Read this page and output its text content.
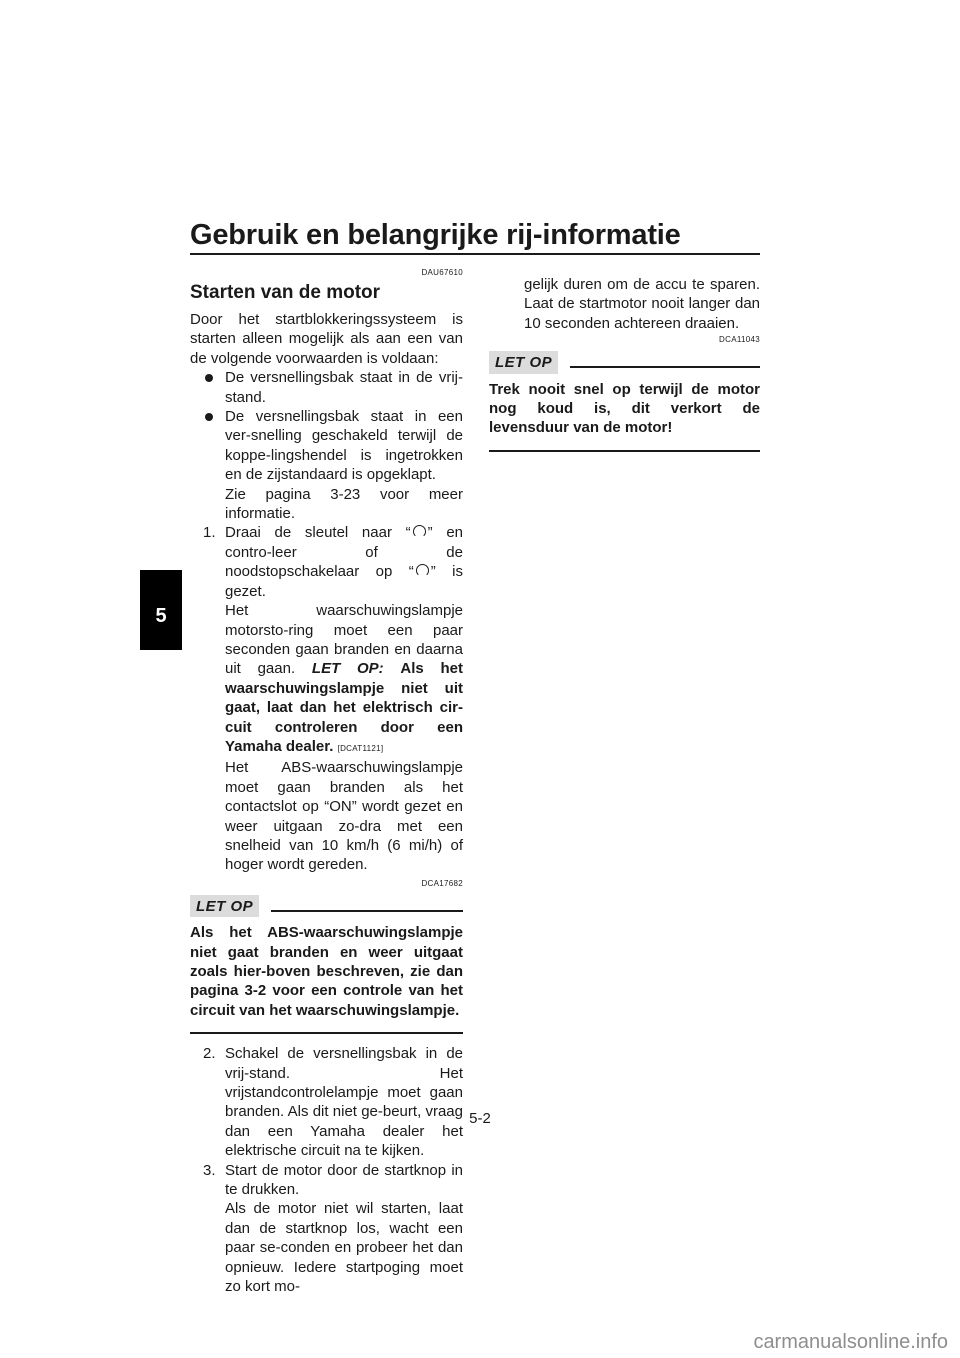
Gebruik en belangrijke rij-informatie
5
DAU67610
Starten van de motor
Door het startblokkeringssysteem is starten alleen mogelijk als aan een van de volgende voorwaarden is voldaan:
De versnellingsbak staat in de vrij-stand.
De versnellingsbak staat in een ver-snelling geschakeld terwijl de koppe-lingshendel is ingetrokken en de zijstandaard is opgeklapt.
Zie pagina 3-23 voor meer informatie.
1. Draai de sleutel naar “ ” en contro-leer of de noodstopschakelaar op “ ” is gezet.
Het waarschuwingslampje motorsto-ring moet een paar seconden gaan branden en daarna uit gaan. LET OP: Als het waarschuwingslampje niet uit gaat, laat dan het elektrisch cir-cuit controleren door een Yamaha dealer. [DCAT1121]
Het ABS-waarschuwingslampje moet gaan branden als het contactslot op “ON” wordt gezet en weer uitgaan zo-dra met een snelheid van 10 km/h (6 mi/h) of hoger wordt gereden.
DCA17682
LET OP
Als het ABS-waarschuwingslampje niet gaat branden en weer uitgaat zoals hier-boven beschreven, zie dan pagina 3-2 voor een controle van het circuit van het waarschuwingslampje.
2. Schakel de versnellingsbak in de vrij-stand. Het vrijstandcontrolelampje moet gaan branden. Als dit niet ge-beurt, vraag dan een Yamaha dealer het elektrische circuit na te kijken.
3. Start de motor door de startknop in te drukken.
Als de motor niet wil starten, laat dan de startknop los, wacht een paar se-conden en probeer het dan opnieuw. Iedere startpoging moet zo kort mo-
gelijk duren om de accu te sparen. Laat de startmotor nooit langer dan 10 seconden achtereen draaien.
DCA11043
LET OP
Trek nooit snel op terwijl de motor nog koud is, dit verkort de levensduur van de motor!
5-2
carmanualsonline.info
